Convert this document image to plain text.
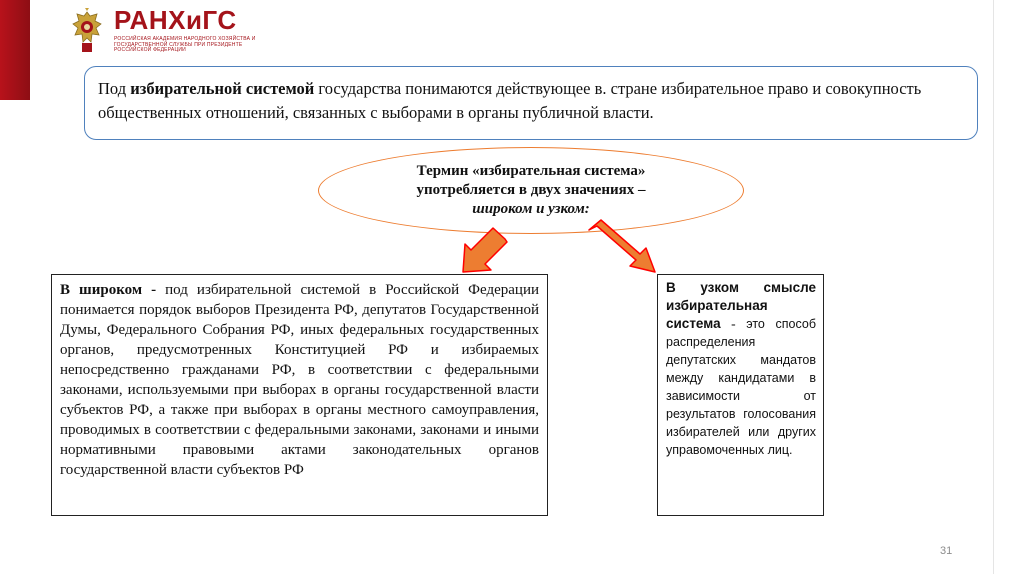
РАНХиГС
РОССИЙСКАЯ АКАДЕМИЯ НАРОДНОГО ХОЗЯЙСТВА И ГОСУДАРСТВЕННОЙ СЛУЖБЫ ПРИ ПРЕЗИДЕНТЕ РОССИЙСКОЙ ФЕДЕРАЦИИ
Под избирательной системой государства понимаются действующее в. стране избирательное право и совокупность общественных отношений, связанных с выборами в органы публичной власти.
Термин «избирательная система»
употребляется в двух значениях –
широком и узком:
В широком - под избирательной системой в Российской Федерации понимается порядок выборов Президента РФ, депутатов Государственной Думы, Федерального Собрания РФ, иных федеральных государственных органов, предусмотренных Конституцией РФ и избираемых непосредственно гражданами РФ, в соответствии с федеральными законами, используемыми при выборах в органы государственной власти субъектов РФ, а также при выборах в органы местного самоуправления, проводимых в соответствии с федеральными законами, законами и иными нормативными правовыми актами законодательных органов государственной власти субъектов РФ
В узком смысле избирательная система - это способ распределения депутатских мандатов между кандидатами в зависимости от результатов голосования избирателей или других управомоченных лиц.
31
